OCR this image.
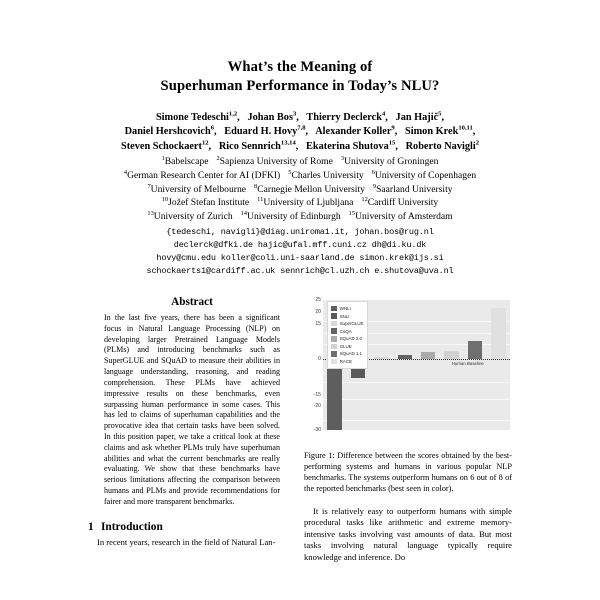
What’s the Meaning of
Superhuman Performance in Today’s NLU?
Simone Tedeschi$^{1,2}$,   Johan Bos$^3$,   Thierry Declerck$^4$,   Jan Hajič$^5$,
Daniel Hershcovich$^6$,   Eduard H. Hovy$^{7,8}$,   Alexander Koller$^9$,   Simon Krek$^{10,11}$,
Steven Schockaert$^{12}$,   Rico Sennrich$^{13,14}$,   Ekaterina Shutova$^{15}$,   Roberto Navigli$^2$
$^1$Babelscape $^2$Sapienza University of Rome $^3$University of Groningen
$^4$German Research Center for AI (DFKI) $^5$Charles University $^6$University of Copenhagen
$^7$University of Melbourne $^8$Carnegie Mellon University $^9$Saarland University
$^{10}$Jožef Stefan Institute $^{11}$University of Ljubljana $^{12}$Cardiff University
$^{13}$University of Zurich $^{14}$University of Edinburgh $^{15}$University of Amsterdam
{tedeschi, navigli}@diag.uniroma1.it, johan.bos@rug.nl
declerck@dfki.de hajic@ufal.mff.cuni.cz dh@di.ku.dk
hovy@cmu.edu koller@coli.uni-saarland.de simon.krek@ijs.si
schockaerts1@cardiff.ac.uk sennrich@cl.uzh.ch e.shutova@uva.nl
Abstract
In the last five years, there has been a significant focus in Natural Language Processing (NLP) on developing larger Pretrained Language Models (PLMs) and introducing benchmarks such as SuperGLUE and SQuAD to measure their abilities in language understanding, reasoning, and reading comprehension. These PLMs have achieved impressive results on these benchmarks, even surpassing human performance in some cases. This has led to claims of superhuman capabilities and the provocative idea that certain tasks have been solved. In this position paper, we take a critical look at these claims and ask whether PLMs truly have superhuman abilities and what the current benchmarks are really evaluating. We show that these benchmarks have serious limitations affecting the comparison between humans and PLMs and provide recommendations for fairer and more transparent benchmarks.
1 Introduction

In recent years, research in the field of Natural Lan-

Human Baseline
25
20
15
0
-15
-20
-30
WNLI
SNLI
SuperGLUE
CoQA
SQuAD 2.0
GLUE
SQuAD 1.1
RACE
Figure 1: Difference between the scores obtained by the best-performing systems and humans in various popular NLP benchmarks. The systems outperform humans on 6 out of 8 of the reported benchmarks (best seen in color).

It is relatively easy to outperform humans with simple procedural tasks like arithmetic and extreme memory-intensive tasks involving vast amounts of data. But most tasks involving natural language typically require knowledge and inference. Do
